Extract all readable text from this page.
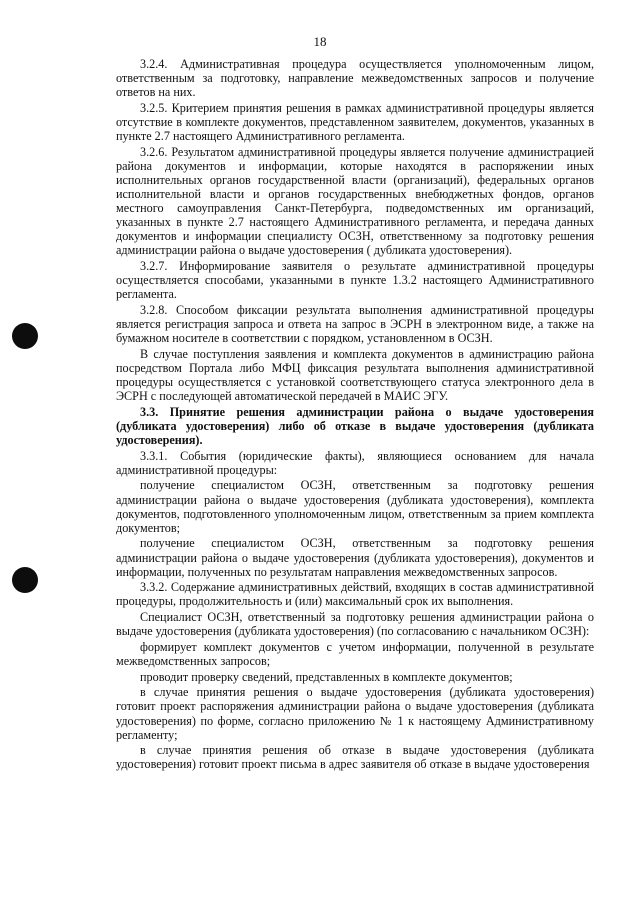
18

3.2.4. Административная процедура осуществляется уполномоченным лицом, ответственным за подготовку, направление межведомственных запросов и получение ответов на них.

3.2.5. Критерием принятия решения в рамках административной процедуры является отсутствие в комплекте документов, представленном заявителем, документов, указанных в пункте 2.7 настоящего Административного регламента.

3.2.6. Результатом административной процедуры является получение администрацией района документов и информации, которые находятся в распоряжении иных исполнительных органов государственной власти (организаций), федеральных органов исполнительной власти и органов государственных внебюджетных фондов, органов местного самоуправления Санкт-Петербурга, подведомственных им организаций, указанных в пункте 2.7 настоящего Административного регламента, и передача данных документов и информации специалисту ОСЗН, ответственному за подготовку решения администрации района о выдаче удостоверения ( дубликата удостоверения).

3.2.7. Информирование заявителя о результате административной процедуры осуществляется способами, указанными в пункте 1.3.2 настоящего Административного регламента.

3.2.8. Способом фиксации результата выполнения административной процедуры является регистрация запроса и ответа на запрос в ЭСРН в электронном виде, а также на бумажном носителе в соответствии с порядком, установленном в ОСЗН.

В случае поступления заявления и комплекта документов в администрацию района посредством Портала либо МФЦ фиксация результата выполнения административной процедуры осуществляется с установкой соответствующего статуса электронного дела в ЭСРН с последующей автоматической передачей в МАИС ЭГУ.

3.3. Принятие решения администрации района о выдаче удостоверения (дубликата удостоверения) либо об отказе в выдаче удостоверения (дубликата удостоверения).

3.3.1. События (юридические факты), являющиеся основанием для начала административной процедуры:

получение специалистом ОСЗН, ответственным за подготовку решения администрации района о выдаче удостоверения (дубликата удостоверения), комплекта документов, подготовленного уполномоченным лицом, ответственным за прием комплекта документов;

получение специалистом ОСЗН, ответственным за подготовку решения администрации района о выдаче удостоверения (дубликата удостоверения), документов и информации, полученных по результатам направления межведомственных запросов.

3.3.2. Содержание административных действий, входящих в состав административной процедуры, продолжительность и (или) максимальный срок их выполнения.

Специалист ОСЗН, ответственный за подготовку решения администрации района о выдаче удостоверения (дубликата удостоверения) (по согласованию с начальником ОСЗН):

формирует комплект документов с учетом информации, полученной в результате межведомственных запросов;

проводит проверку сведений, представленных в комплекте документов;

в случае принятия решения о выдаче удостоверения (дубликата удостоверения) готовит проект распоряжения администрации района о выдаче удостоверения (дубликата удостоверения) по форме, согласно приложению № 1 к настоящему Административному регламенту;

в случае принятия решения об отказе в выдаче удостоверения (дубликата удостоверения) готовит проект письма в адрес заявителя об отказе в выдаче удостоверения
